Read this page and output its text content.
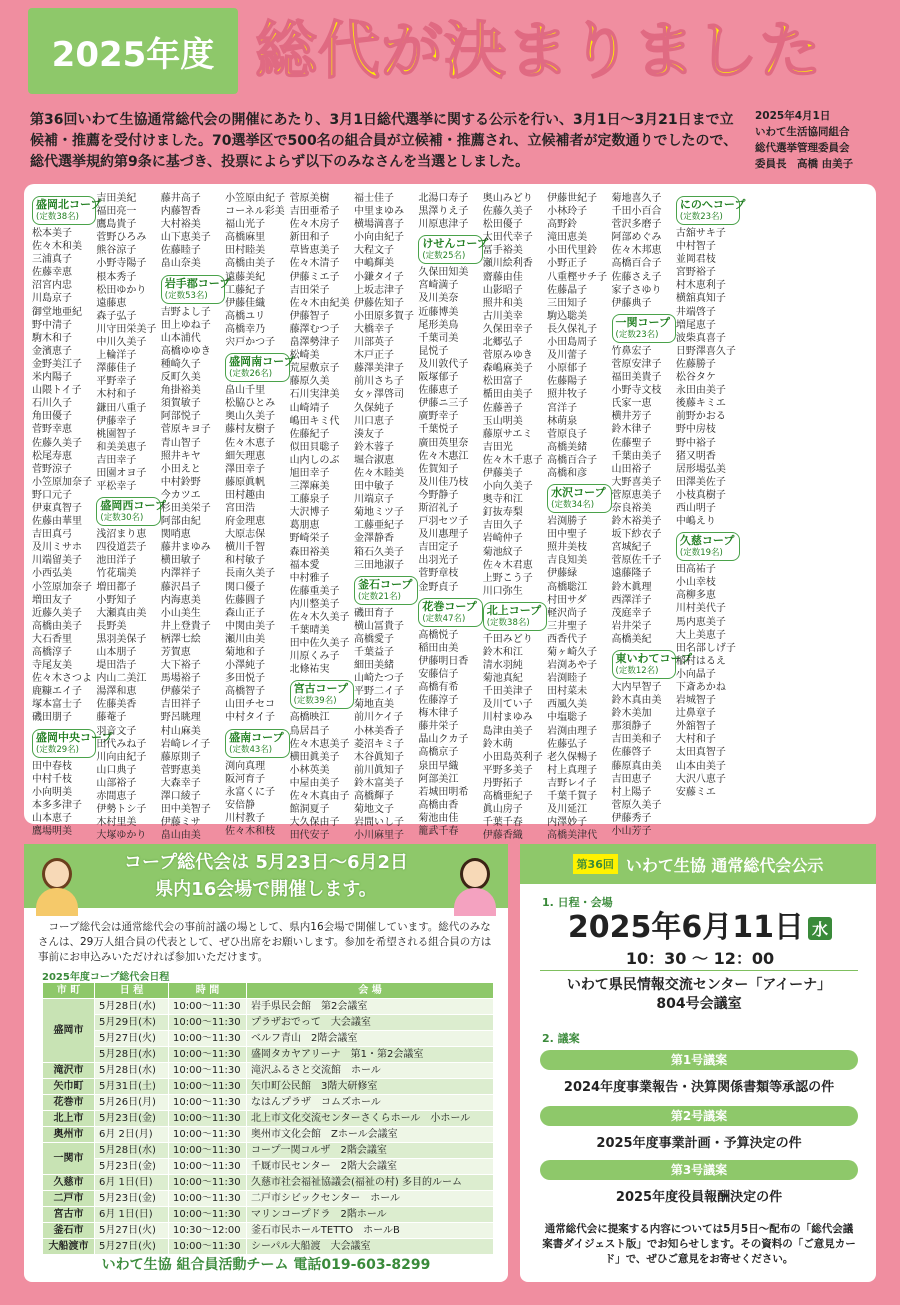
2025年度 総代が決まりました
第36回いわて生協通常総代会の開催にあたり、3月1日総代選挙に関する公示を行い、3月1日〜3月21日まで立候補・推薦を受付けました。70選挙区で500名の組合員が立候補・推薦され、立候補者が定数通りでしたので、総代選挙規約第9条に基づき、投票によらず以下のみなさんを当選としました。
2025年4月1日
いわて生活協同組合
総代選挙管理委員会
委員長　高橋 由美子
盛岡北コープ
(定数38名)
松本美子
佐々木和美
三浦真子
佐藤幸恵
沼宮内忠
川島京子
御堂地亜紀
野中清子
駒木和子
金濱恵子
金野美江子
米内陽子
山隈トイ子
石川久子
角田優子
菅野幸恵
佐藤久美子
松尾寿恵
菅野涼子
小笠原加奈子
野口元子
伊東真智子
佐藤由華里
吉田真弓
及川ミサホ
川端留美子
小西弘美
小笠原加奈子
増田友子
近藤久美子
高橋由美子
大石香里
高橋淳子
寺尾友美
佐々木さつよ
鹿糠エイ子
塚本富士子
磯田朋子
盛岡中央コープ
(定数29名)
田中春枝
中村千枝
小向明美
本多多津子
山本恵子
鷹場明美
吉田美紀
福田亮一
鷹島貴子
菅野ひろみ
熊谷涼子
小野寺陽子
根本秀子
松田ゆかり
遠藤恵
森子弘子
川守田栄美子
中川久美子
上輪洋子
澤藤佳子
平野幸子
木村和子
鎌田八重子
伊藤幸子
桃園智子
和美美恵子
吉田幸子
田園オヨ子
平松幸子
盛岡西コープ
(定数30名)
浅沼まり恵
四役道芸子
池田洋子
竹花瑞美
増田都子
小野知子
大瀬真由美
長野美
黒羽美保子
山本朋子
堤田浩子
内山二美江
湯澤和恵
佐藤美香
藤菴子
羽音文子
田代みね子
川向由紀子
山口典子
山部裕子
赤間恵子
伊勢トシ子
木村里美
大塚ゆかり
藤井高子
内藤智香
大村裕美
山下恵美子
佐藤睦子
畠山奈美
岩手郡コープ
(定数53名)
吉野よし子
田上ゆね子
山本浦代
高橋ゆゆき
種崎久子
反町久美
角掛裕美
須賀敏子
阿部悦子
菅原キヨ子
青山智子
照井キヤ
小田えと
中村鈴野
今カツエ
杉田美栄子
阿部由紀
関哨恵
藤井まゆみ
横田敏子
内澤祥子
藤沢昌子
内海恵美
小山美生
井上登貴子
柄澤七絵
芳賀恵
大下裕子
馬場裕子
伊藤栄子
吉田祥子
野呂眺理
村山麻美
岩崎レイ子
藤原則子
菅野恵美
大森幸子
澤口綾子
田中美智子
伊藤ミサ
畠山由美
小笠原由紀子
コーネル彩美
福山光子
高橋麻里
田村睦美
高橋由美子
遠藤美紀
工藤紀子
伊藤佳織
高橋ユリ
高橋幸乃
宍戸かつ子
盛岡南コープ
(定数26名)
畠山千里
松脇ひとみ
奥山久美子
藤村友樹子
佐々木恵子
細矢理恵
澤田幸子
藤原眞帆
田村趣由
宮田浩
府金理恵
大原志保
横川千智
和村敏子
長南久美子
関口優子
佐藤圓子
森山正子
中関由美子
瀬川由美
菊地和子
小澤純子
多田悦子
高橋智子
山田チセコ
中村タイ子
盛南コープ
(定数43名)
渕向真理
阪河育子
永富くに子
安倍静
川村教子
佐々木和枝
菅原美樹
吉田亜希子
佐々木房子
新田和子
草皆恵美子
佐々木清子
伊藤ミエ子
吉田栄子
佐々木由紀美
伊藤智子
藤澤むつ子
畠澤勢津子
松崎美
荒屋敷京子
藤原久美
石川実津美
山崎靖子
嶋田キミ代
佐藤紀子
似田貝聡子
山内しのぶ
旭田幸子
三澤麻美
工藤泉子
大沢博子
葛朋恵
野崎栄子
森田裕美
福本愛
中村雅子
佐藤重美子
内川整美子
佐々木久美子
千葉晴美
田中佐久美子
川原くみ子
北條祐実
宮古コープ
(定数39名)
高橋映江
鳥居昌子
佐々木恵美子
横田眞美子
小林英美
中屋由美子
佐々木真由子
館洞夏子
大久保由子
田代安子
福士佳子
中里まゆみ
横場満喜子
小向由紀子
大程文子
中嶋輝美
小鎌タイ子
上坂志津子
伊藤佐知子
小田原多賀子
大橋幸子
川部英子
木戸正子
藤澤美津子
前川さち子
女ヶ澤啓司
久保純子
川口恵子
湊友子
鈴木蓉子
堀合淑恵
佐々木睦美
田中敏子
川端京子
菊地ミツ子
工藤亜紀子
金澤静香
箱石久美子
三田地淑子
釜石コープ
(定数21名)
磯田育子
横山冨貴子
高橋愛子
千葉益子
細田美緒
山崎たつ子
平野二イ子
菊地直美
前川ケイ子
小林美香子
菱沼キミ子
木谷眞知子
前川眞知子
鈴木富美子
高橋輝子
菊地文子
岩間いし子
小川麻里子
北湯口寿子
黒澤りえ子
川原恵津子
けせんコープ
(定数25名)
久保田知美
宮崎満子
及川美奈
近藤博美
尾形美鳥
千葉司美
昆悦子
及川敦代子
阪塚郁子
佐藤恵子
伊藤ニ三子
廣野幸子
千葉悦子
廣田英里奈
佐々木惠江
佐賀知子
及川佳乃枝
今野静子
斯沼礼子
戸羽セツ子
及川惠理子
吉田定子
出羽光子
菅野章枝
金野貞子
花巻コープ
(定数47名)
高橋悦子
稲田由美
伊藤明日香
安藤信子
高橋有希
佐藤淳子
梅木律子
藤井栄子
晶山クカ子
高橋京子
泉田早織
阿部美江
若城田明希
高橋由香
菊池由佳
籠武千春
奥山みどり
佐藤久美子
松田優子
太田代幸子
冨手裕美
瀬川絵利香
齋藤由佳
山影昭子
照井和美
古川美幸
久保田幸子
北郷弘子
菅原みゆき
森嶋麻美子
松田富子
楯田由美子
佐藤善子
玉山明美
藤原サエミ
吉田光
佐々木千恵子
伊藤美子
小向久美子
奥寺和江
釘抜寿梨
吉田久子
岩崎仲子
菊池紋子
佐々木君恵
上野こう子
川口弥生
北上コープ
(定数38名)
千田みどり
鈴木和江
清水羽純
菊池真紀
千田美津子
及川てい子
川村まゆみ
島津由美子
鈴木萌
小田島英利子
平野多美子
丹野拓子
高橋亜紀子
眞山房子
千葉千春
伊藤香織
伊藤世紀子
小林玲子
高野鈴
滝田恵美
小田代里鈴
小野正子
八重樫サチ子
佐藤晶子
三田知子
駒込聡美
長久保礼子
小田島周子
及川蕾子
小原郁子
佐藤陽子
照井牧子
宮洋子
林萌泉
菅原良子
高橋美緒
高橋百合子
高橋和彦
水沢コープ
(定数34名)
岩渕勝子
田中聖子
照井美枝
吉良知美
伊藤緑
高橋聡江
村田サダ
軽沢尚子
三井聖子
西香代子
菊ヶ崎久子
岩渕あや子
岩渕睦子
田村菜未
西風久美
中塩聡子
岩渕由理子
佐藤弘子
老久保暢子
村上真理子
吉野レイ子
千葉千賀子
及川延江
内澤妙子
高橋美津代
菊地喜久子
千田小百合
菅沢多磨子
阿部めぐみ
佐々木邦恵
高橋百合子
佐藤さえ子
家子さゆり
伊藤典子
一関コープ
(定数23名)
竹鼻宏子
菅原安津子
福田美貴子
小野寺文枝
氏家一恵
横井芳子
鈴木律子
佐藤聖子
千葉由美子
山田裕子
大野喜美子
菅原恵美子
奈良裕美
鈴木裕美子
坂下紗衣子
宮城紀子
菅原佐千子
遠藤隆子
鈴木眞理
西澤洋子
茂庭幸子
岩井栄子
高橋美紀
東いわてコープ
(定数12名)
大内早智子
鈴木真由美
鈴木美加
那須静子
吉田美和子
佐藤啓子
藤原真由美
吉田恵子
村上陽子
菅原久美子
伊藤秀子
小山芳子
にのへコープ
(定数23名)
古舘サキ子
中村智子
並岡君枝
宮野裕子
村木恵利子
横舘真知子
井端啓子
増尾恵子
波柴真喜子
日野澤喜久子
佐藤勝子
松谷タケ
永田由美子
後藤キミエ
前野かおる
野中房枝
野中裕子
猪又明香
居形場弘美
田澤美佐子
小枝真樹子
西山明子
中嶋えり
久慈コープ
(定数19名)
田高祐子
小山幸枝
高柳多恵
川村美代子
馬内恵美子
大上美恵子
田名部しげ子
稲村はるえ
小向晶子
下斎あかね
岩城智子
辻鼻章子
外舘智子
大村和子
太田真智子
山本由美子
大沢八恵子
安藤ミエ
コープ総代会は 5月23日〜6月2日
県内16会場で開催します。
コープ総代会は通常総代会の事前討議の場として、県内16会場で開催しています。総代のみなさんは、29万人組合員の代表として、ぜひ出席をお願いします。参加を希望される組合員の方は事前にお申込みいただければ参加いただけます。
2025年度コープ総代会日程
市 町	日 程	時 間	会 場
盛岡市	5月28日(水)	10:00〜11:30	岩手県民会館　第2会議室
	5月29日(木)	10:00〜11:30	プラザおでって　大会議室
	5月27日(火)	10:00〜11:30	ベルフ青山　2階会議室
	5月28日(水)	10:00〜11:30	盛岡タカヤアリーナ　第1・第2会議室
滝沢市	5月28日(水)	10:00〜11:30	滝沢ふるさと交流館　ホール
矢巾町	5月31日(土)	10:00〜11:30	矢巾町公民館　3階大研修室
花巻市	5月26日(月)	10:00〜11:30	なはんプラザ　コムズホール
北上市	5月23日(金)	10:00〜11:30	北上市文化交流センターさくらホール　小ホール
奥州市	6月 2日(月)	10:00〜11:30	奥州市文化会館　Zホール会議室
一関市	5月28日(水)	10:00〜11:30	コープ一関コルザ　2階会議室
	5月23日(金)	10:00〜11:30	千厩市民センター　2階大会議室
久慈市	6月 1日(日)	10:00〜11:30	久慈市社会福祉協議会(福祉の村) 多目的ルーム
二戸市	5月23日(金)	10:00〜11:30	二戸市シビックセンター　ホール
宮古市	6月 1日(日)	10:00〜11:30	マリンコープドラ　2階ホール
釜石市	5月27日(火)	10:30〜12:00	釜石市民ホールTETTO　ホールB
大船渡市	5月27日(火)	10:00〜11:30	シーパル大船渡　大会議室
いわて生協 組合員活動チーム 電話019-603-8299
第36回 いわて生協 通常総代会公示
1. 日程・会場
2025年6月11日 水
10：30 〜 12：00
いわて県民情報交流センター「アイーナ」
804号会議室
2. 議案
第1号議案
2024年度事業報告・決算関係書類等承認の件
第2号議案
2025年度事業計画・予算決定の件
第3号議案
2025年度役員報酬決定の件
通常総代会に提案する内容については5月5日〜配布の「総代会議案書ダイジェスト版」でお知らせします。その資料の「ご意見カード」で、ぜひご意見をお寄せください。
